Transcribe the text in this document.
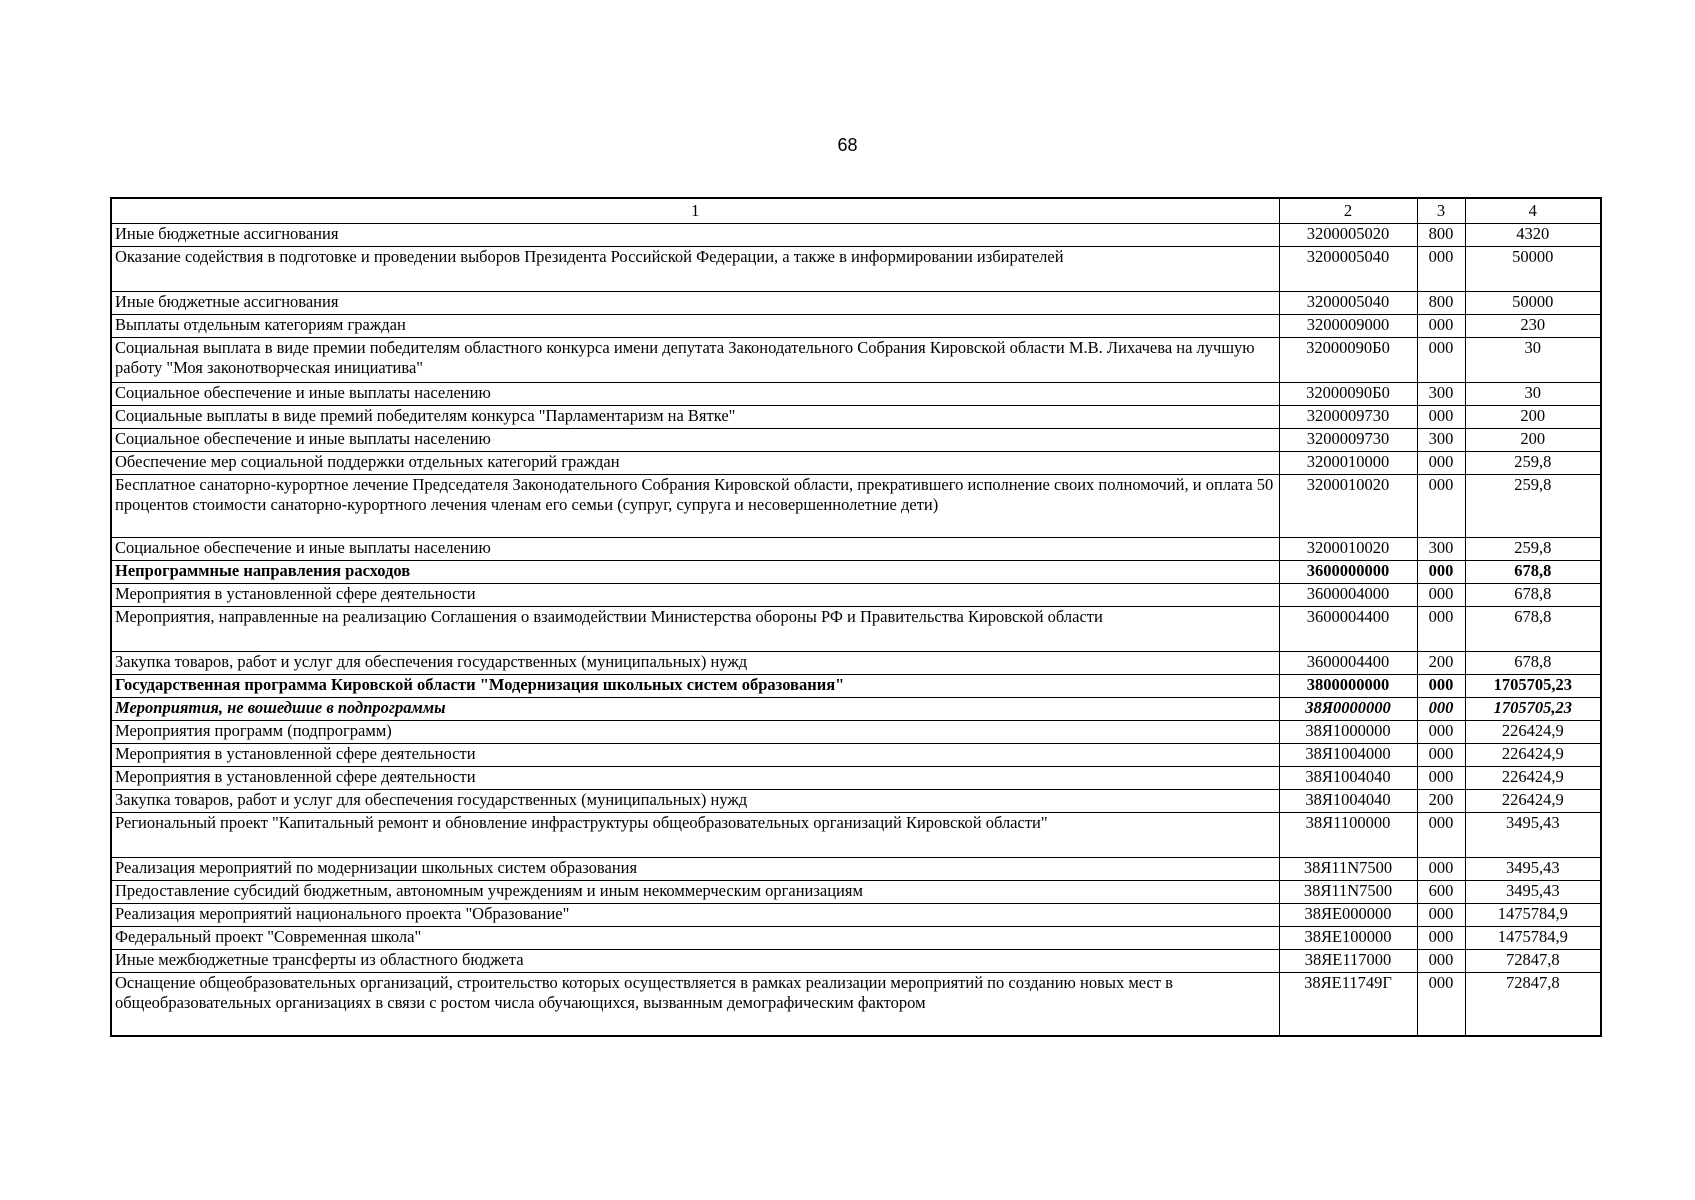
68
1	2	3	4
Иные бюджетные ассигнования	3200005020	800	4320
Оказание содействия в подготовке и проведении выборов Президента Российской Федерации, а также в информировании избирателей	3200005040	000	50000
Иные бюджетные ассигнования	3200005040	800	50000
Выплаты отдельным категориям граждан	3200009000	000	230
Социальная выплата в виде премии победителям областного конкурса имени депутата Законодательного Собрания Кировской области М.В. Лихачева на лучшую работу "Моя законотворческая инициатива"	32000090Б0	000	30
Социальное обеспечение и иные выплаты населению	32000090Б0	300	30
Социальные выплаты в виде премий победителям конкурса "Парламентаризм на Вятке"	3200009730	000	200
Социальное обеспечение и иные выплаты населению	3200009730	300	200
Обеспечение мер социальной поддержки отдельных категорий граждан	3200010000	000	259,8
Бесплатное санаторно-курортное лечение Председателя Законодательного Собрания Кировской области, прекратившего исполнение своих полномочий, и оплата 50 процентов стоимости санаторно-курортного лечения членам его семьи (супруг, супруга и несовершеннолетние дети)	3200010020	000	259,8
Социальное обеспечение и иные выплаты населению	3200010020	300	259,8
Непрограммные направления расходов	3600000000	000	678,8
Мероприятия в установленной сфере деятельности	3600004000	000	678,8
Мероприятия, направленные на реализацию Соглашения о взаимодействии Министерства обороны РФ и Правительства Кировской области	3600004400	000	678,8
Закупка товаров, работ и услуг для обеспечения государственных (муниципальных) нужд	3600004400	200	678,8
Государственная программа Кировской области "Модернизация школьных систем образования"	3800000000	000	1705705,23
Мероприятия, не вошедшие в подпрограммы	38Я0000000	000	1705705,23
Мероприятия программ (подпрограмм)	38Я1000000	000	226424,9
Мероприятия в установленной сфере деятельности	38Я1004000	000	226424,9
Мероприятия в установленной сфере деятельности	38Я1004040	000	226424,9
Закупка товаров, работ и услуг для обеспечения государственных (муниципальных) нужд	38Я1004040	200	226424,9
Региональный проект "Капитальный ремонт и обновление инфраструктуры общеобразовательных организаций Кировской области"	38Я1100000	000	3495,43
Реализация мероприятий по модернизации школьных систем образования	38Я11N7500	000	3495,43
Предоставление субсидий бюджетным, автономным учреждениям и иным некоммерческим организациям	38Я11N7500	600	3495,43
Реализация мероприятий национального проекта "Образование"	38ЯЕ000000	000	1475784,9
Федеральный проект "Современная школа"	38ЯЕ100000	000	1475784,9
Иные межбюджетные трансферты из областного бюджета	38ЯЕ117000	000	72847,8
Оснащение общеобразовательных организаций, строительство которых осуществляется в рамках реализации мероприятий по созданию новых мест в общеобразовательных организациях в связи с ростом числа обучающихся, вызванным демографическим фактором	38ЯЕ11749Г	000	72847,8
